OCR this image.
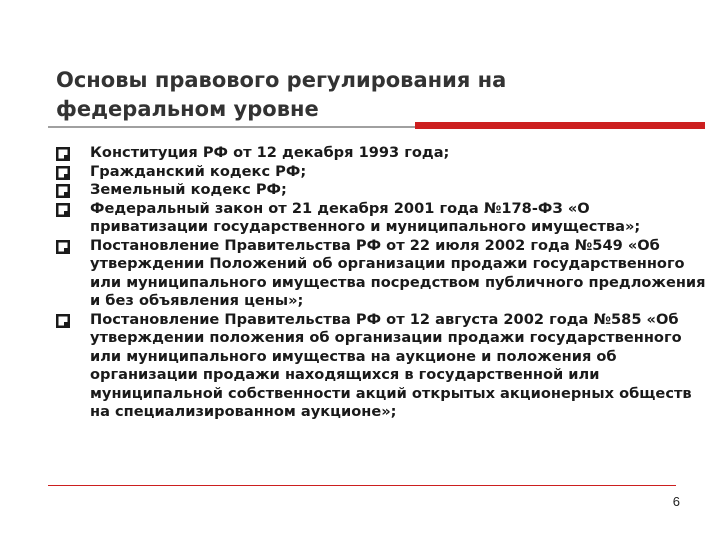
Основы правового регулирования на федеральном уровне
Конституция РФ от 12 декабря 1993 года;
Гражданский кодекс РФ;
Земельный кодекс РФ;
Федеральный закон от 21 декабря 2001 года №178-ФЗ «О приватизации государственного и муниципального имущества»;
Постановление Правительства РФ от 22 июля 2002 года №549 «Об утверждении Положений об организации продажи государственного или муниципального имущества посредством публичного предложения и без объявления цены»;
Постановление Правительства РФ от 12 августа 2002 года №585 «Об утверждении положения об организации продажи государственного или муниципального имущества на аукционе и положения об организации продажи находящихся в государственной или муниципальной собственности акций открытых акционерных обществ на специализированном аукционе»;
6
